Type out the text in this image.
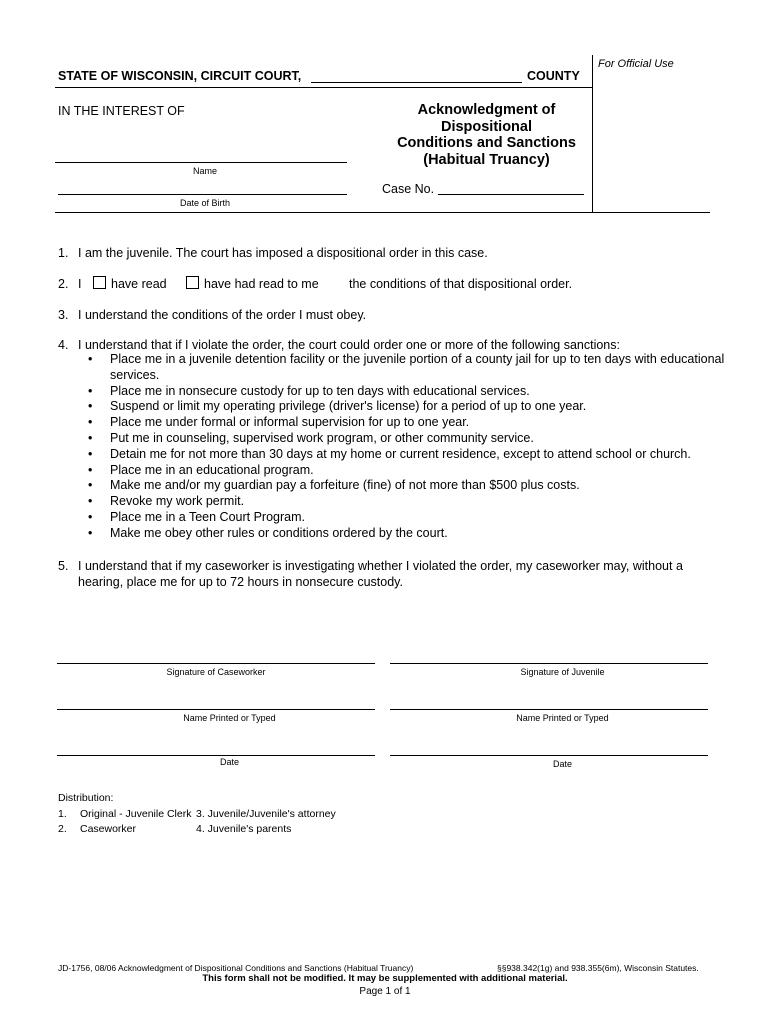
For Official Use
STATE OF WISCONSIN, CIRCUIT COURT,	COUNTY
IN THE INTEREST OF
Name
Date of Birth
Acknowledgment of
Dispositional
Conditions and Sanctions
(Habitual Truancy)
Case No.
1. I am the juvenile. The court has imposed a dispositional order in this case.
2. I have read	have had read to me the conditions of that dispositional order.
3. I understand the conditions of the order I must obey.
4. I understand that if I violate the order, the court could order one or more of the following sanctions:
• Place me in a juvenile detention facility or the juvenile portion of a county jail for up to ten days with educational services.
• Place me in nonsecure custody for up to ten days with educational services.
• Suspend or limit my operating privilege (driver's license) for a period of up to one year.
• Place me under formal or informal supervision for up to one year.
• Put me in counseling, supervised work program, or other community service.
• Detain me for not more than 30 days at my home or current residence, except to attend school or church.
• Place me in an educational program.
• Make me and/or my guardian pay a forfeiture (fine) of not more than $500 plus costs.
• Revoke my work permit.
• Place me in a Teen Court Program.
• Make me obey other rules or conditions ordered by the court.
5. I understand that if my caseworker is investigating whether I violated the order, my caseworker may, without a
hearing, place me for up to 72 hours in nonsecure custody.
Signature of Caseworker	Signature of Juvenile
Name Printed or Typed	Name Printed or Typed
Date	Date
Distribution:
1. Original - Juvenile Clerk 3. Juvenile/Juvenile's attorney
2. Caseworker	4. Juvenile's parents
JD-1756, 08/06 Acknowledgment of Dispositional Conditions and Sanctions (Habitual Truancy)	§§938.342(1g) and 938.355(6m), Wisconsin Statutes.
This form shall not be modified. It may be supplemented with additional material.
Page 1 of 1
